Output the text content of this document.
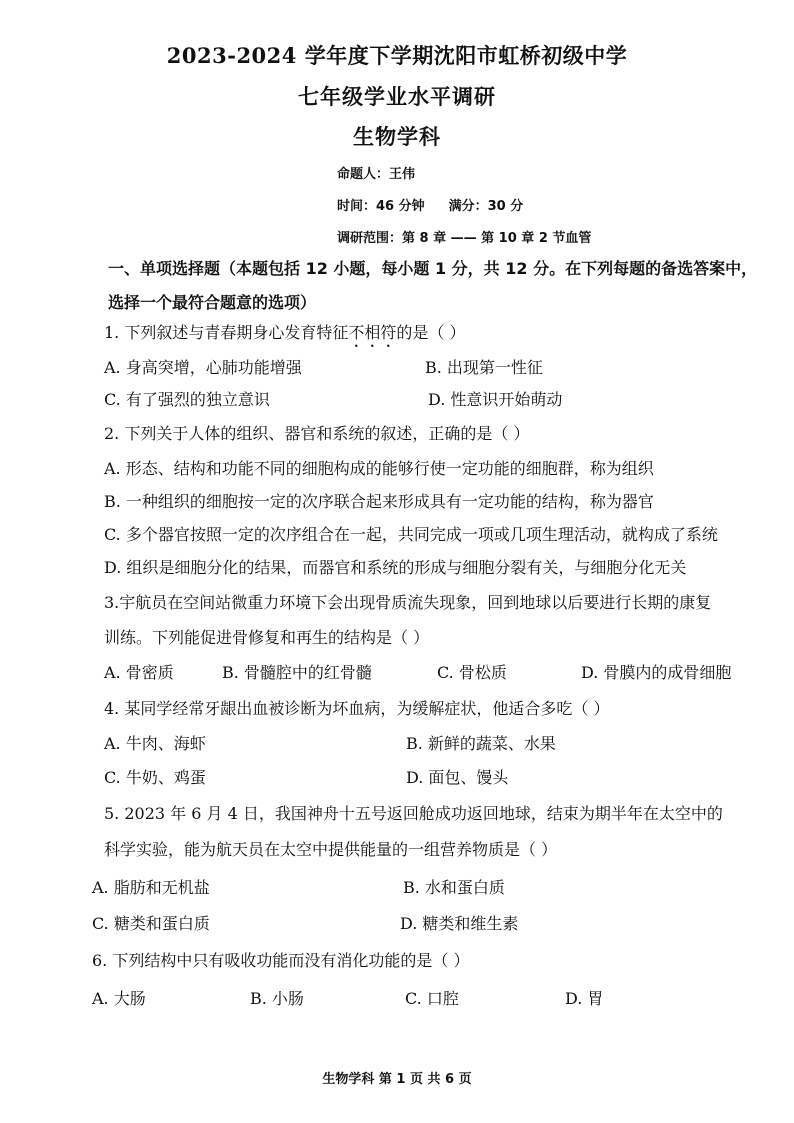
2023-2024 学年度下学期沈阳市虹桥初级中学
七年级学业水平调研
生物学科
命题人：王伟
时间：46 分钟 满分：30 分
调研范围：第 8 章 —— 第 10 章 2 节血管
一、单项选择题（本题包括 12 小题，每小题 1 分，共 12 分。在下列每题的备选答案中，
选择一个最符合题意的选项）
1. 下列叙述与青春期身心发育特征不相符的是（ ）
A. 身高突增，心肺功能增强	B. 出现第一性征
C. 有了强烈的独立意识	D. 性意识开始萌动
2. 下列关于人体的组织、器官和系统的叙述，正确的是（ ）
A. 形态、结构和功能不同的细胞构成的能够行使一定功能的细胞群，称为组织
B. 一种组织的细胞按一定的次序联合起来形成具有一定功能的结构，称为器官
C. 多个器官按照一定的次序组合在一起，共同完成一项或几项生理活动，就构成了系统
D. 组织是细胞分化的结果，而器官和系统的形成与细胞分裂有关，与细胞分化无关
3.宇航员在空间站微重力环境下会出现骨质流失现象，回到地球以后要进行长期的康复
训练。下列能促进骨修复和再生的结构是（ ）
A. 骨密质	B. 骨髓腔中的红骨髓	C. 骨松质	D. 骨膜内的成骨细胞
4. 某同学经常牙龈出血被诊断为坏血病，为缓解症状，他适合多吃（ ）
A. 牛肉、海虾	B. 新鲜的蔬菜、水果
C. 牛奶、鸡蛋	D. 面包、馒头
5. 2023 年 6 月 4 日，我国神舟十五号返回舱成功返回地球，结束为期半年在太空中的
科学实验，能为航天员在太空中提供能量的一组营养物质是（ ）
A. 脂肪和无机盐	B. 水和蛋白质
C. 糖类和蛋白质	D. 糖类和维生素
6. 下列结构中只有吸收功能而没有消化功能的是（ ）
A. 大肠	B. 小肠	C. 口腔	D. 胃
生物学科 第 1 页 共 6 页
